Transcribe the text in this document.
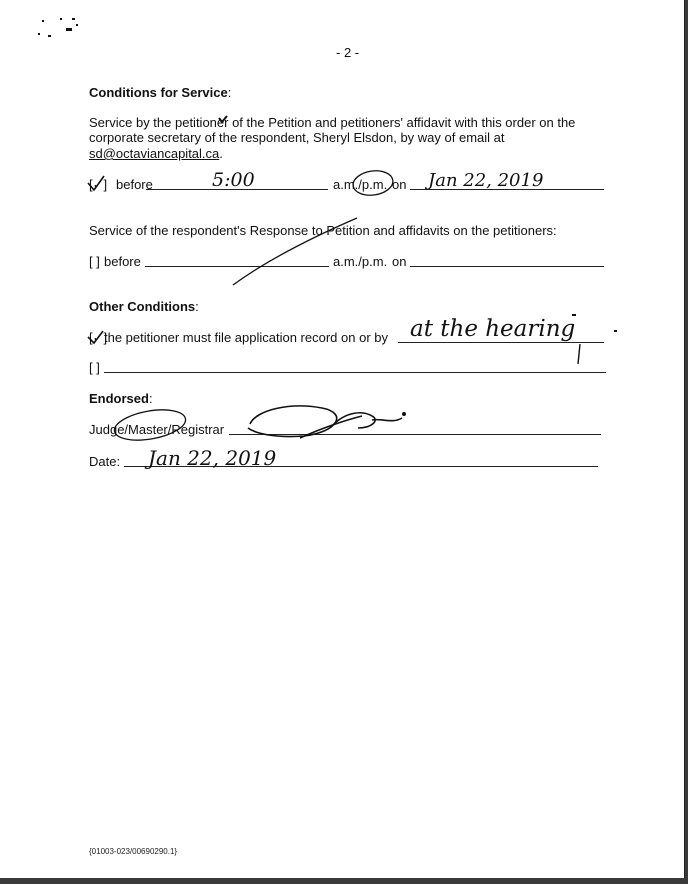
- 2 -
Conditions for Service:
Service by the petitioner of the Petition and petitioners' affidavit with this order on the
corporate secretary of the respondent, Sheryl Elsdon, by way of email at
sd@octaviancapital.ca.
[✓] before	5:00	a.m./p.m. on Jan 22, 2019
Service of the respondent's Response to Petition and affidavits on the petitioners:
[ ] before	a.m./p.m. on
Other Conditions:
[✓]
the petitioner must file application record on or by at the hearing
[ ]
Endorsed:
Judge/Master/Registrar
Date: Jan 22, 2019
{01003-023/00690290.1}
